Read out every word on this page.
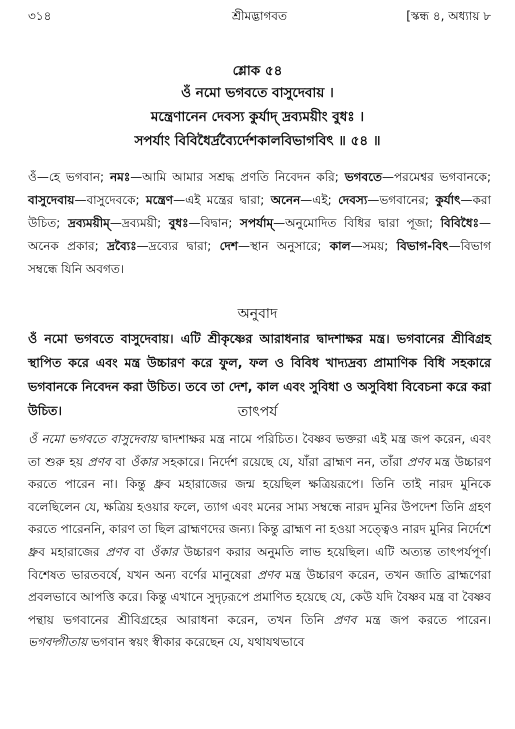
৩১৪	শ্রীমদ্ভাগবত	[স্কন্ধ ৪, অধ্যায় ৮
শ্লোক ৫৪
ওঁ নমো ভগবতে বাসুদেবায় ।
মন্ত্রেণানেন দেবস্য কুর্যাদ্ দ্রব্যময়ীং বুধঃ ।
সপর্যাং বিবিধৈর্দ্রব্যৈর্দেশকালবিভাগবিৎ ॥ ৫৪ ॥
ওঁ—হে ভগবান; নমঃ—আমি আমার সশ্রদ্ধ প্রণতি নিবেদন করি; ভগবতে—পরমেশ্বর ভগবানকে; বাসুদেবায়—বাসুদেবকে; মন্ত্রেণ—এই মন্ত্রের দ্বারা; অনেন—এই; দেবস্য—ভগবানের; কুর্যাৎ—করা উচিত; দ্রব্যময়ীম্—দ্রব্যময়ী; বুধঃ—বিদ্বান; সপর্যাম্—অনুমোদিত বিধির দ্বারা পূজা; বিবিধৈঃ—অনেক প্রকার; দ্রব্যৈঃ—দ্রব্যের দ্বারা; দেশ—স্থান অনুসারে; কাল—সময়; বিভাগ-বিৎ—বিভাগ সম্বন্ধে যিনি অবগত।
অনুবাদ
ওঁ নমো ভগবতে বাসুদেবায়। এটি শ্রীকৃষ্ণের আরাধনার দ্বাদশাক্ষর মন্ত্র। ভগবানের শ্রীবিগ্রহ স্থাপিত করে এবং মন্ত্র উচ্চারণ করে ফুল, ফল ও বিবিধ খাদ্যদ্রব্য প্রামাণিক বিধি সহকারে ভগবানকে নিবেদন করা উচিত। তবে তা দেশ, কাল এবং সুবিধা ও অসুবিধা বিবেচনা করে করা উচিত।	তাৎপর্য
ওঁ নমো ভগবতে বাসুদেবায় দ্বাদশাক্ষর মন্ত্র নামে পরিচিত। বৈষ্ণব ভক্তরা এই মন্ত্র জপ করেন, এবং তা শুরু হয় প্রণব বা ওঁকার সহকারে। নির্দেশ রয়েছে যে, যাঁরা ব্রাহ্মণ নন, তাঁরা প্রণব মন্ত্র উচ্চারণ করতে পারেন না। কিন্তু ধ্রুব মহারাজের জন্ম হয়েছিল ক্ষত্রিয়রূপে। তিনি তাই নারদ মুনিকে বলেছিলেন যে, ক্ষত্রিয় হওয়ার ফলে, ত্যাগ এবং মনের সাম্য সম্বন্ধে নারদ মুনির উপদেশ তিনি গ্রহণ করতে পারেননি, কারণ তা ছিল ব্রাহ্মণদের জন্য। কিন্তু ব্রাহ্মণ না হওয়া সত্ত্বেও নারদ মুনির নির্দেশে ধ্রুব মহারাজের প্রণব বা ওঁকার উচ্চারণ করার অনুমতি লাভ হয়েছিল। এটি অত্যন্ত তাৎপর্যপূর্ণ। বিশেষত ভারতবর্ষে, যখন অন্য বর্ণের মানুষেরা প্রণব মন্ত্র উচ্চারণ করেন, তখন জাতি ব্রাহ্মণেরা প্রবলভাবে আপত্তি করে। কিন্তু এখানে সুদৃঢ়রূপে প্রমাণিত হয়েছে যে, কেউ যদি বৈষ্ণব মন্ত্র বা বৈষ্ণব পন্থায় ভগবানের শ্রীবিগ্রহের আরাধনা করেন, তখন তিনি প্রণব মন্ত্র জপ করতে পারেন। ভগবদ্গীতায় ভগবান স্বয়ং স্বীকার করেছেন যে, যথাযথভাবে
